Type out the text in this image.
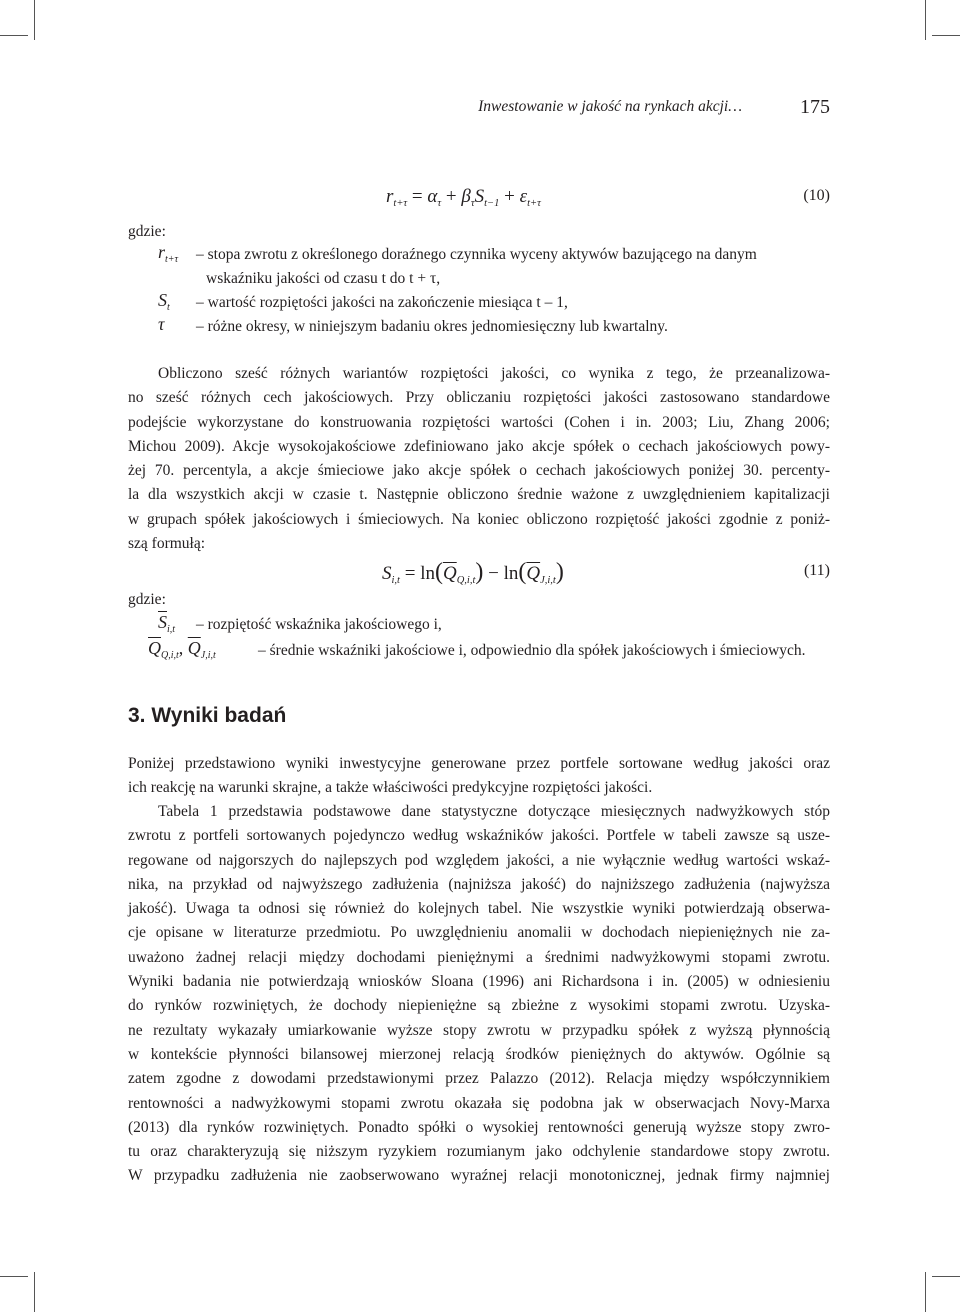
Inwestowanie w jakość na rynkach akcji…	175
$r_{t+\tau} = \alpha_\tau + \beta_\tau S_{t-1} + \varepsilon_{t+\tau}$	(10)
gdzie:
$r_{t+\tau}$ – stopa zwrotu z określonego doraźnego czynnika wyceny aktywów bazującego na danym
wskaźniku jakości od czasu t do t + τ,
$S_t$ – wartość rozpiętości jakości na zakończenie miesiąca t – 1,
τ – różne okresy, w niniejszym badaniu okres jednomiesięczny lub kwartalny.
Obliczono sześć różnych wariantów rozpiętości jakości, co wynika z tego, że przeanalizowa-
no sześć różnych cech jakościowych. Przy obliczaniu rozpiętości jakości zastosowano standardowe
podejście wykorzystane do konstruowania rozpiętości wartości (Cohen i in. 2003; Liu, Zhang 2006;
Michou 2009). Akcje wysokojakościowe zdefiniowano jako akcje spółek o cechach jakościowych powy-
żej 70. percentyla, a akcje śmieciowe jako akcje spółek o cechach jakościowych poniżej 30. percenty-
la dla wszystkich akcji w czasie t. Następnie obliczono średnie ważone z uwzględnieniem kapitalizacji
w grupach spółek jakościowych i śmieciowych. Na koniec obliczono rozpiętość jakości zgodnie z poniż-
szą formułą:
$S_{i,t} = \ln(\overline{Q}_{Q,i,t}) - \ln(\overline{Q}_{J,i,t})$	(11)
gdzie:
$\overline{S}_{i,t}$ – rozpiętość wskaźnika jakościowego i,
$\overline{Q}_{Q,i,t}$, $\overline{Q}_{J,i,t}$	– średnie wskaźniki jakościowe i, odpowiednio dla spółek jakościowych i śmieciowych.
3. Wyniki badań
Poniżej przedstawiono wyniki inwestycyjne generowane przez portfele sortowane według jakości oraz
ich reakcję na warunki skrajne, a także właściwości predykcyjne rozpiętości jakości.
Tabela 1 przedstawia podstawowe dane statystyczne dotyczące miesięcznych nadwyżkowych stóp
zwrotu z portfeli sortowanych pojedynczo według wskaźników jakości. Portfele w tabeli zawsze są uszе-
regowane od najgorszych do najlepszych pod względem jakości, a nie wyłącznie według wartości wskaź-
nika, na przykład od najwyższego zadłużenia (najniższa jakość) do najniższego zadłużenia (najwyższa
jakość). Uwaga ta odnosi się również do kolejnych tabel. Nie wszystkie wyniki potwierdzają obserwa-
cje opisane w literaturze przedmiotu. Po uwzględnieniu anomalii w dochodach niepieniężnych nie za-
uważono żadnej relacji między dochodami pieniężnymi a średnimi nadwyżkowymi stopami zwrotu.
Wyniki badania nie potwierdzają wniosków Sloana (1996) ani Richardsona i in. (2005) w odniesieniu
do rynków rozwiniętych, że dochody niepieniężne są zbieżne z wysokimi stopami zwrotu. Uzyska-
ne rezultaty wykazały umiarkowanie wyższe stopy zwrotu w przypadku spółek z wyższą płynnością
w kontekście płynności bilansowej mierzonej relacją środków pieniężnych do aktywów. Ogólnie są
zatem zgodne z dowodami przedstawionymi przez Palazzo (2012). Relacja między współczynnikiem
rentowności a nadwyżkowymi stopami zwrotu okazała się podobna jak w obserwacjach Novy-Marxa
(2013) dla rynków rozwiniętych. Ponadto spółki o wysokiej rentowności generują wyższe stopy zwro-
tu oraz charakteryzują się niższym ryzykiem rozumianym jako odchylenie standardowe stopy zwrotu.
W przypadku zadłużenia nie zaobserwowano wyraźnej relacji monotonicznej, jednak firmy najmniej
